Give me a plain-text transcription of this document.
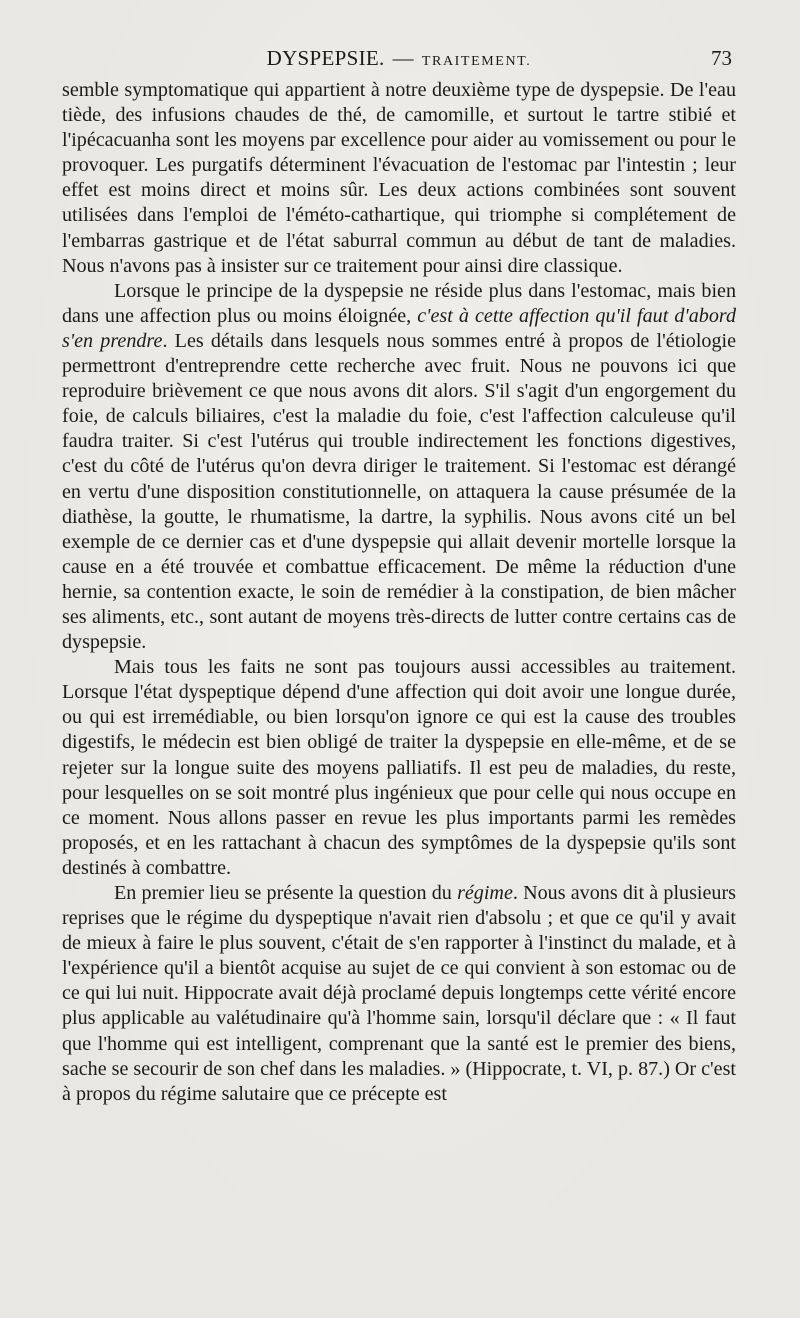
DYSPEPSIE. — TRAITEMENT.	73

semble symptomatique qui appartient à notre deuxième type de dyspepsie. De l'eau tiède, des infusions chaudes de thé, de camomille, et surtout le tartre stibié et l'ipécacuanha sont les moyens par excellence pour aider au vomissement ou pour le provoquer. Les purgatifs déterminent l'évacuation de l'estomac par l'intestin ; leur effet est moins direct et moins sûr. Les deux actions combinées sont souvent utilisées dans l'emploi de l'éméto-cathartique, qui triomphe si complétement de l'embarras gastrique et de l'état saburral commun au début de tant de maladies. Nous n'avons pas à insister sur ce traitement pour ainsi dire classique.

Lorsque le principe de la dyspepsie ne réside plus dans l'estomac, mais bien dans une affection plus ou moins éloignée, c'est à cette affection qu'il faut d'abord s'en prendre. Les détails dans lesquels nous sommes entré à propos de l'étiologie permettront d'entreprendre cette recherche avec fruit. Nous ne pouvons ici que reproduire brièvement ce que nous avons dit alors. S'il s'agit d'un engorgement du foie, de calculs biliaires, c'est la maladie du foie, c'est l'affection calculeuse qu'il faudra traiter. Si c'est l'utérus qui trouble indirectement les fonctions digestives, c'est du côté de l'utérus qu'on devra diriger le traitement. Si l'estomac est dérangé en vertu d'une disposition constitutionnelle, on attaquera la cause présumée de la diathèse, la goutte, le rhumatisme, la dartre, la syphilis. Nous avons cité un bel exemple de ce dernier cas et d'une dyspepsie qui allait devenir mortelle lorsque la cause en a été trouvée et combattue efficacement. De même la réduction d'une hernie, sa contention exacte, le soin de remédier à la constipation, de bien mâcher ses aliments, etc., sont autant de moyens très-directs de lutter contre certains cas de dyspepsie.

Mais tous les faits ne sont pas toujours aussi accessibles au traitement. Lorsque l'état dyspeptique dépend d'une affection qui doit avoir une longue durée, ou qui est irremédiable, ou bien lorsqu'on ignore ce qui est la cause des troubles digestifs, le médecin est bien obligé de traiter la dyspepsie en elle-même, et de se rejeter sur la longue suite des moyens palliatifs. Il est peu de maladies, du reste, pour lesquelles on se soit montré plus ingénieux que pour celle qui nous occupe en ce moment. Nous allons passer en revue les plus importants parmi les remèdes proposés, et en les rattachant à chacun des symptômes de la dyspepsie qu'ils sont destinés à combattre.

En premier lieu se présente la question du régime. Nous avons dit à plusieurs reprises que le régime du dyspeptique n'avait rien d'absolu ; et que ce qu'il y avait de mieux à faire le plus souvent, c'était de s'en rapporter à l'instinct du malade, et à l'expérience qu'il a bientôt acquise au sujet de ce qui convient à son estomac ou de ce qui lui nuit. Hippocrate avait déjà proclamé depuis longtemps cette vérité encore plus applicable au valétudinaire qu'à l'homme sain, lorsqu'il déclare que : « Il faut que l'homme qui est intelligent, comprenant que la santé est le premier des biens, sache se secourir de son chef dans les maladies. » (Hippocrate, t. VI, p. 87.) Or c'est à propos du régime salutaire que ce précepte est
